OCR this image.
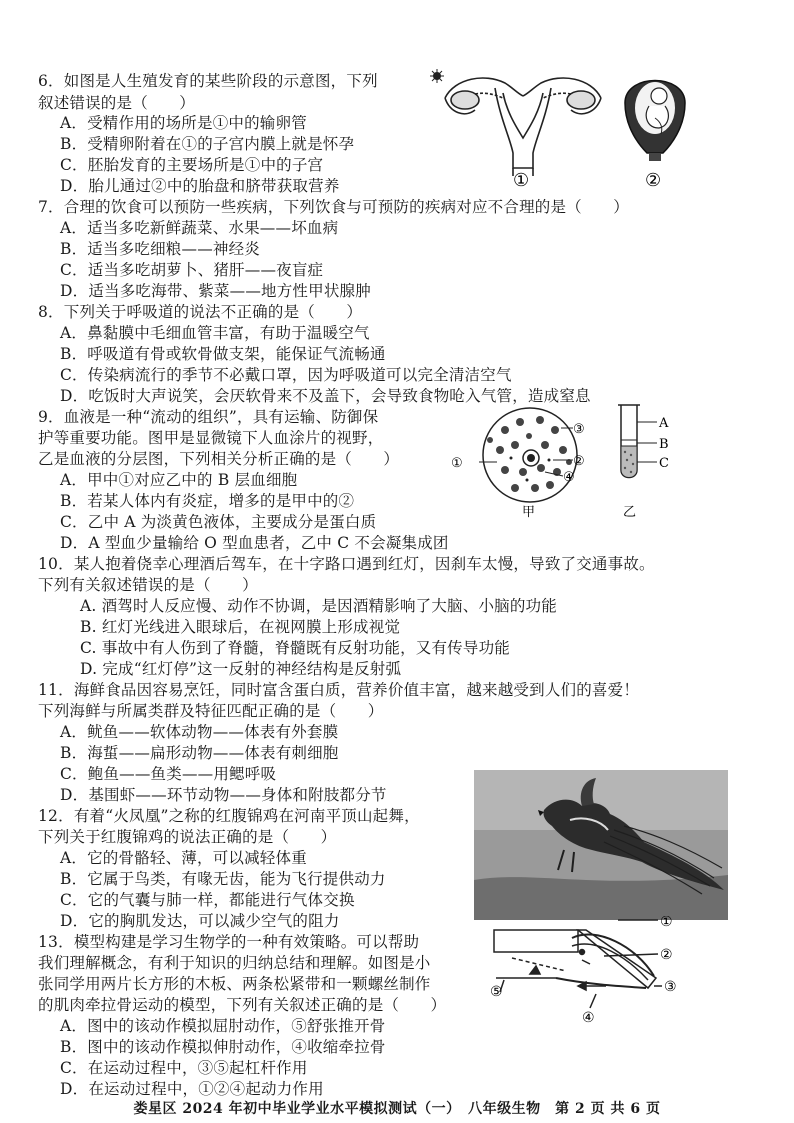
6．如图是人生殖发育的某些阶段的示意图，下列
叙述错误的是（　　）
A．受精作用的场所是①中的输卵管
B．受精卵附着在①的子宫内膜上就是怀孕
C．胚胎发育的主要场所是①中的子宫
D．胎儿通过②中的胎盘和脐带获取营养	①	②
7．合理的饮食可以预防一些疾病，下列饮食与可预防的疾病对应不合理的是（　　）
A．适当多吃新鲜蔬菜、水果——坏血病
B．适当多吃细粮——神经炎
C．适当多吃胡萝卜、猪肝——夜盲症
D．适当多吃海带、紫菜——地方性甲状腺肿
8．下列关于呼吸道的说法不正确的是（　　）
A．鼻黏膜中毛细血管丰富，有助于温暖空气
B．呼吸道有骨或软骨做支架，能保证气流畅通
C．传染病流行的季节不必戴口罩，因为呼吸道可以完全清洁空气
D．吃饭时大声说笑，会厌软骨来不及盖下，会导致食物呛入气管，造成窒息
9．血液是一种“流动的组织”，具有运输、防御保
护等重要功能。图甲是显微镜下人血涂片的视野，
乙是血液的分层图，下列相关分析正确的是（　　）
A．甲中①对应乙中的 B 层血细胞
B．若某人体内有炎症，增多的是甲中的②
C．乙中 A 为淡黄色液体，主要成分是蛋白质
D．A 型血少量输给 O 型血患者，乙中 C 不会凝集成团
③
②
④
①
甲
A
B
C
乙
10．某人抱着侥幸心理酒后驾车，在十字路口遇到红灯，因刹车太慢，导致了交通事故。
下列有关叙述错误的是（　　）
A. 酒驾时人反应慢、动作不协调，是因酒精影响了大脑、小脑的功能
B. 红灯光线进入眼球后，在视网膜上形成视觉
C. 事故中有人伤到了脊髓，脊髓既有反射功能，又有传导功能
D. 完成“红灯停”这一反射的神经结构是反射弧
11．海鲜食品因容易烹饪，同时富含蛋白质，营养价值丰富，越来越受到人们的喜爱！
下列海鲜与所属类群及特征匹配正确的是（　　）
A．鱿鱼——软体动物——体表有外套膜
B．海蜇——扁形动物——体表有刺细胞
C．鲍鱼——鱼类——用鳃呼吸
D．基围虾——环节动物——身体和附肢都分节
12．有着“火凤凰”之称的红腹锦鸡在河南平顶山起舞，
下列关于红腹锦鸡的说法正确的是（　　）
A．它的骨骼轻、薄，可以减轻体重
B．它属于鸟类，有喙无齿，能为飞行提供动力
C．它的气囊与肺一样，都能进行气体交换
D．它的胸肌发达，可以减少空气的阻力
13．模型构建是学习生物学的一种有效策略。可以帮助
我们理解概念，有利于知识的归纳总结和理解。如图是小
张同学用两片长方形的木板、两条松紧带和一颗螺丝制作
的肌肉牵拉骨运动的模型，下列有关叙述正确的是（　　）
A．图中的该动作模拟屈肘动作，⑤舒张推开骨
B．图中的该动作模拟伸肘动作，④收缩牵拉骨
C．在运动过程中，③⑤起杠杆作用
D．在运动过程中，①②④起动力作用
①
②
③
④
⑤
娄星区 2024 年初中毕业学业水平模拟测试（一）　八年级生物　第 2 页 共 6 页
